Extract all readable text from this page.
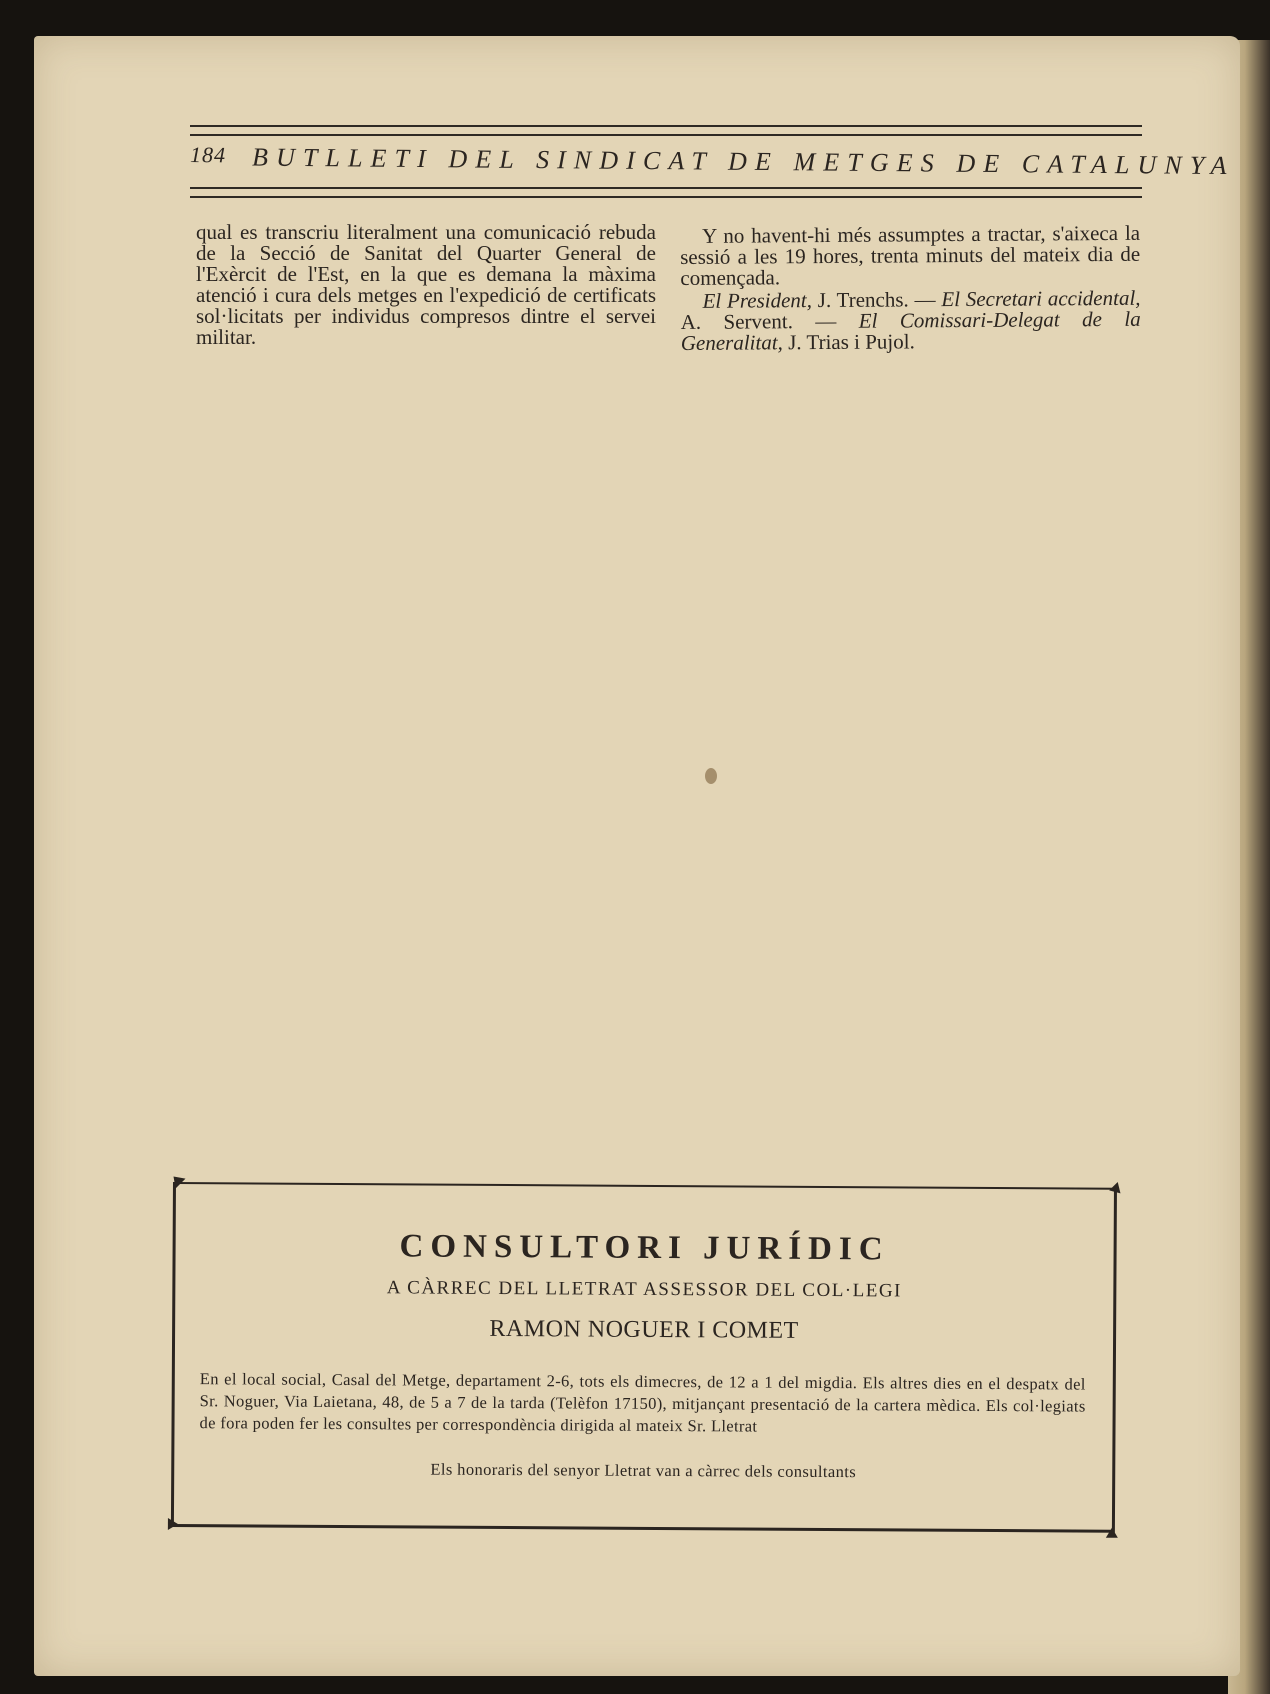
184 BUTLLETI DEL SINDICAT DE METGES DE CATALUNYA

qual es transcriu literalment una comunicació rebuda de la Secció de Sanitat del Quarter General de l'Exèrcit de l'Est, en la que es demana la màxima atenció i cura dels metges en l'expedició de certificats sol·licitats per individus compresos dintre el servei militar.

Y no havent-hi més assumptes a tractar, s'aixeca la sessió a les 19 hores, trenta minuts del mateix dia de començada.

El President, J. Trenchs. — El Secretari accidental, A. Servent. — El Comissari-Delegat de la Generalitat, J. Trias i Pujol.

CONSULTORI JURÍDIC
A CÀRREC DEL LLETRAT ASSESSOR DEL COL·LEGI
RAMON NOGUER I COMET
En el local social, Casal del Metge, departament 2-6, tots els dimecres, de 12 a 1 del migdia. Els altres dies en el despatx del Sr. Noguer, Via Laietana, 48, de 5 a 7 de la tarda (Telèfon 17150), mitjançant presentació de la cartera mèdica. Els col·legiats de fora poden fer les consultes per correspondència dirigida al mateix Sr. Lletrat
Els honoraris del senyor Lletrat van a càrrec dels consultants
